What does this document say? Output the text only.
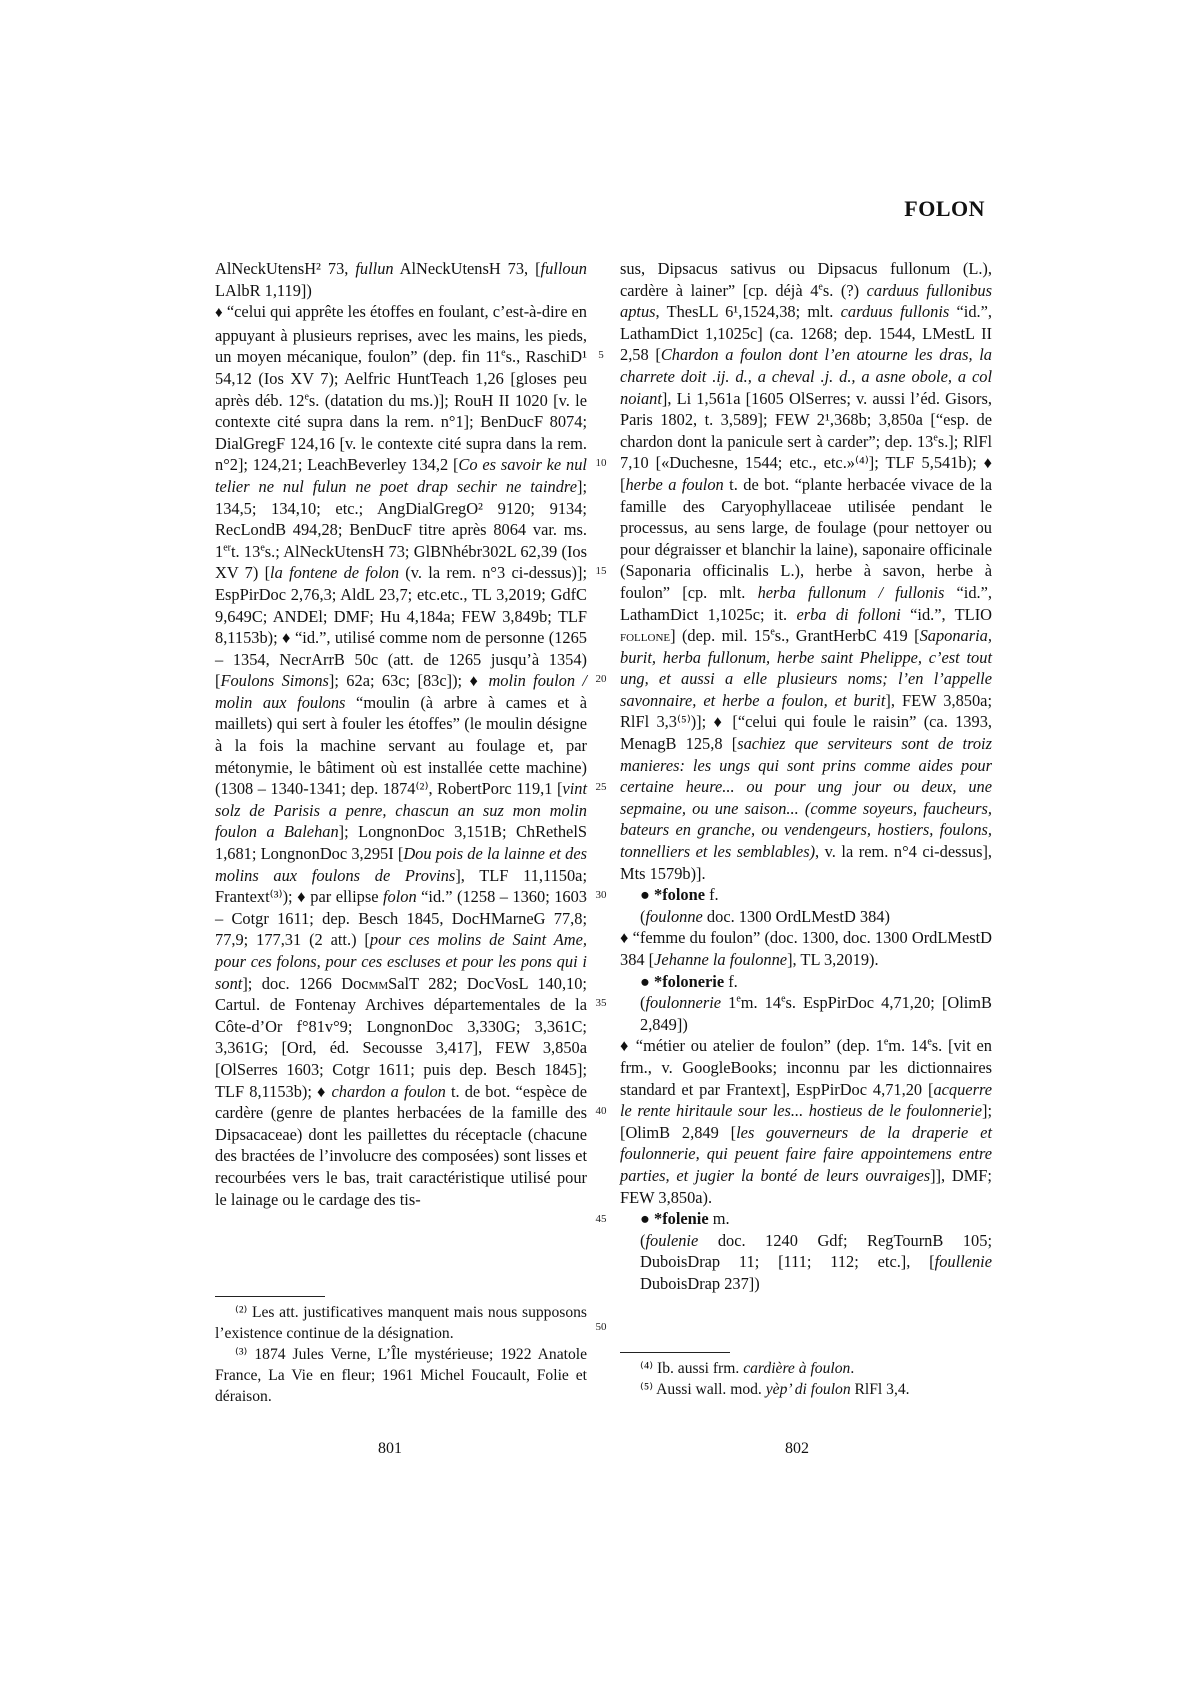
FOLON

AlNeckUtensH² 73, fullun AlNeckUtensH 73, [fulloun LAlbR 1,119])

♦ “celui qui apprête les étoffes en foulant, c’est-à-dire en appuyant à plusieurs reprises, avec les mains, les pieds, un moyen mécanique, foulon” (dep. fin 11es., RaschiD¹ 54,12 (Ios XV 7); Aelfric HuntTeach 1,26 [gloses peu après déb. 12es. (datation du ms.)]; RouH II 1020 [v. le contexte cité supra dans la rem. n°1]; BenDucF 8074; DialGregF 124,16 [v. le contexte cité supra dans la rem. n°2]; 124,21; LeachBeverley 134,2 [Co es savoir ke nul telier ne nul fulun ne poet drap sechir ne taindre]; 134,5; 134,10; etc.; AngDialGregO² 9120; 9134; RecLondB 494,28; BenDucF titre après 8064 var. ms. 1ert. 13es.; AlNeckUtensH 73; GlBNhébr302L 62,39 (Ios XV 7) [la fontene de folon (v. la rem. n°3 ci-dessus)]; EspPirDoc 2,76,3; AldL 23,7; etc.etc., TL 3,2019; GdfC 9,649C; ANDEl; DMF; Hu 4,184a; FEW 3,849b; TLF 8,1153b); ♦ “id.”, utilisé comme nom de personne (1265 – 1354, NecrArrB 50c (att. de 1265 jusqu’à 1354) [Foulons Simons]; 62a; 63c; [83c]); ♦ molin foulon / molin aux foulons “moulin (à arbre à cames et à maillets) qui sert à fouler les étoffes” (le moulin désigne à la fois la machine servant au foulage et, par métonymie, le bâtiment où est installée cette machine) (1308 – 1340-1341; dep. 1874⁽²⁾, RobertPorc 119,1 [vint solz de Parisis a penre, chascun an suz mon molin foulon a Balehan]; LongnonDoc 3,151B; ChRethelS 1,681; LongnonDoc 3,295I [Dou pois de la lainne et des molins aux foulons de Provins], TLF 11,1150a; Frantext⁽³⁾); ♦ par ellipse folon “id.” (1258 – 1360; 1603 – Cotgr 1611; dep. Besch 1845, DocHMarneG 77,8; 77,9; 177,31 (2 att.) [pour ces molins de Saint Ame, pour ces folons, pour ces escluses et pour les pons qui i sont]; doc. 1266 DocmmSalT 282; DocVosL 140,10; Cartul. de Fontenay Archives départementales de la Côte-d’Or f°81v°9; LongnonDoc 3,330G; 3,361C; 3,361G; [Ord, éd. Secousse 3,417], FEW 3,850a [OlSerres 1603; Cotgr 1611; puis dep. Besch 1845]; TLF 8,1153b); ♦ chardon a foulon t. de bot. “espèce de cardère (genre de plantes herbacées de la famille des Dipsacaceae) dont les paillettes du réceptacle (chacune des bractées de l’involucre des composées) sont lisses et recourbées vers le bas, trait caractéristique utilisé pour le lainage ou le cardage des tis-

sus, Dipsacus sativus ou Dipsacus fullonum (L.), cardère à lainer” [cp. déjà 4es. (?) carduus fullonibus aptus, ThesLL 6¹,1524,38; mlt. carduus fullonis “id.”, LathamDict 1,1025c] (ca. 1268; dep. 1544, LMestL II 2,58 [Chardon a foulon dont l’en atourne les dras, la charrete doit .ij. d., a cheval .j. d., a asne obole, a col noiant], Li 1,561a [1605 OlSerres; v. aussi l’éd. Gisors, Paris 1802, t. 3,589]; FEW 2¹,368b; 3,850a [“esp. de chardon dont la panicule sert à carder”; dep. 13es.]; RlFl 7,10 [«Duchesne, 1544; etc., etc.»⁽⁴⁾]; TLF 5,541b); ♦ [herbe a foulon t. de bot. “plante herbacée vivace de la famille des Caryophyllaceae utilisée pendant le processus, au sens large, de foulage (pour nettoyer ou pour dégraisser et blanchir la laine), saponaire officinale (Saponaria officinalis L.), herbe à savon, herbe à foulon” [cp. mlt. herba fullonum / fullonis “id.”, LathamDict 1,1025c; it. erba di folloni “id.”, TLIO follone] (dep. mil. 15es., GrantHerbC 419 [Saponaria, burit, herba fullonum, herbe saint Phelippe, c’est tout ung, et aussi a elle plusieurs noms; l’en l’appelle savonnaire, et herbe a foulon, et burit], FEW 3,850a; RlFl 3,3⁽⁵⁾)]; ♦ [“celui qui foule le raisin” (ca. 1393, MenagB 125,8 [sachiez que serviteurs sont de troiz manieres: les ungs qui sont prins comme aides pour certaine heure... ou pour ung jour ou deux, une sepmaine, ou une saison... (comme soyeurs, faucheurs, bateurs en granche, ou vendengeurs, hostiers, foulons, tonnelliers et les semblables), v. la rem. n°4 ci-dessus], Mts 1579b)].

● *folone f.

(foulonne doc. 1300 OrdLMestD 384)

♦ “femme du foulon” (doc. 1300, doc. 1300 OrdLMestD 384 [Jehanne la foulonne], TL 3,2019).

● *folonerie f.

(foulonnerie 1em. 14es. EspPirDoc 4,71,20; [OlimB 2,849])

♦ “métier ou atelier de foulon” (dep. 1em. 14es. [vit en frm., v. GoogleBooks; inconnu par les dictionnaires standard et par Frantext], EspPirDoc 4,71,20 [acquerre le rente hiritaule sour les... hostieus de le foulonnerie]; [OlimB 2,849 [les gouverneurs de la draperie et foulonnerie, qui peuent faire faire appointemens entre parties, et jugier la bonté de leurs ouvraiges]], DMF; FEW 3,850a).

● *folenie m.

(foulenie doc. 1240 Gdf; RegTournB 105; DuboisDrap 11; [111; 112; etc.], [foullenie DuboisDrap 237])

5
10
15
20
25
30
35
40
45
50

⁽²⁾ Les att. justificatives manquent mais nous supposons l’existence continue de la désignation.

⁽³⁾ 1874 Jules Verne, L’Île mystérieuse; 1922 Anatole France, La Vie en fleur; 1961 Michel Foucault, Folie et déraison.

⁽⁴⁾ Ib. aussi frm. cardière à foulon.

⁽⁵⁾ Aussi wall. mod. yèp’ di foulon RlFl 3,4.

801	802
